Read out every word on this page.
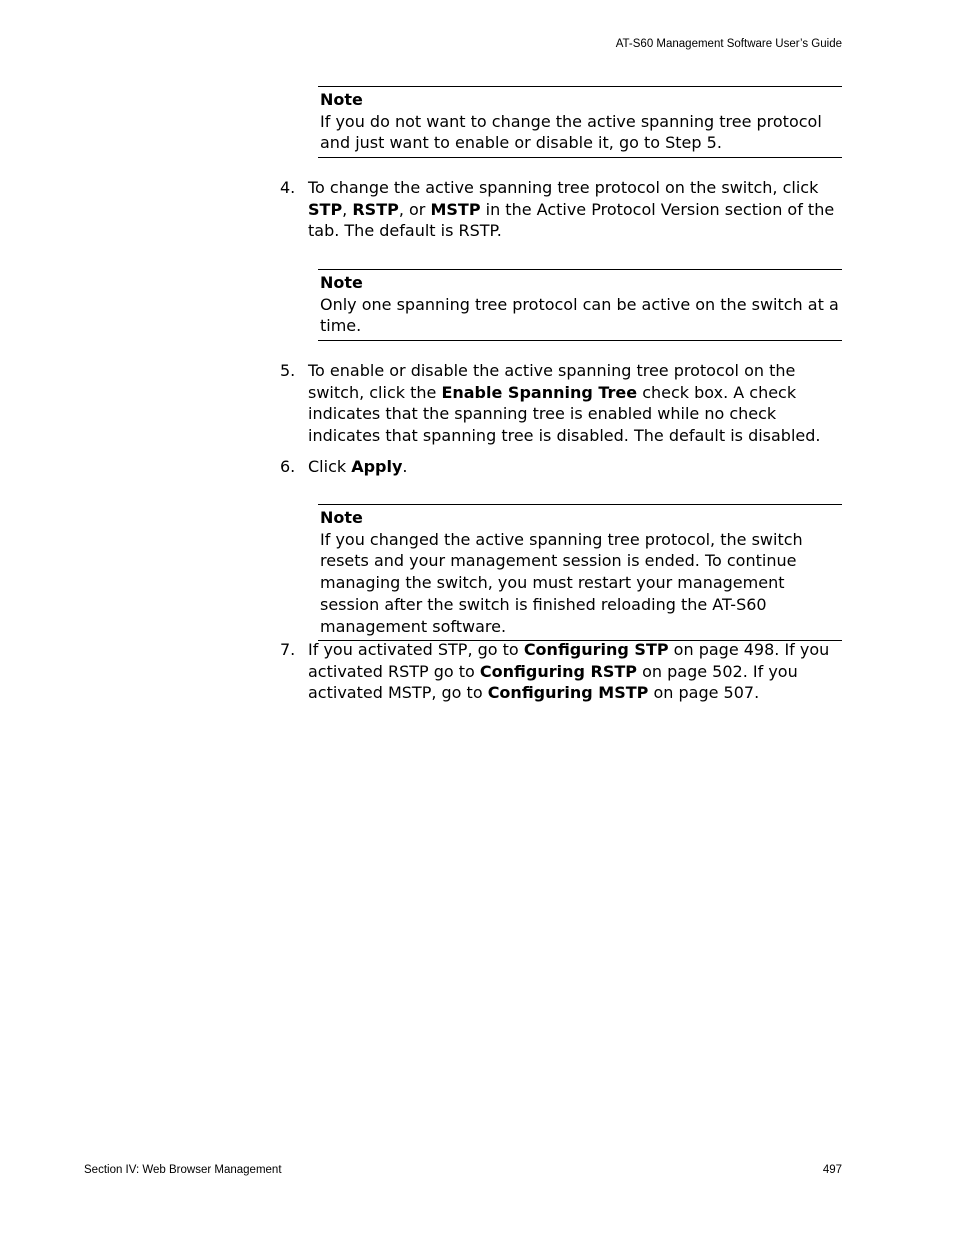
AT-S60 Management Software User’s Guide
Note
If you do not want to change the active spanning tree protocol and just want to enable or disable it, go to Step 5.
4. To change the active spanning tree protocol on the switch, click STP, RSTP, or MSTP in the Active Protocol Version section of the tab. The default is RSTP.
Note
Only one spanning tree protocol can be active on the switch at a time.
5. To enable or disable the active spanning tree protocol on the switch, click the Enable Spanning Tree check box. A check indicates that the spanning tree is enabled while no check indicates that spanning tree is disabled. The default is disabled.
6. Click Apply.
Note
If you changed the active spanning tree protocol, the switch resets and your management session is ended. To continue managing the switch, you must restart your management session after the switch is finished reloading the AT-S60 management software.
7. If you activated STP, go to Configuring STP on page 498. If you activated RSTP go to Configuring RSTP on page 502. If you activated MSTP, go to Configuring MSTP on page 507.
Section IV: Web Browser Management	497
